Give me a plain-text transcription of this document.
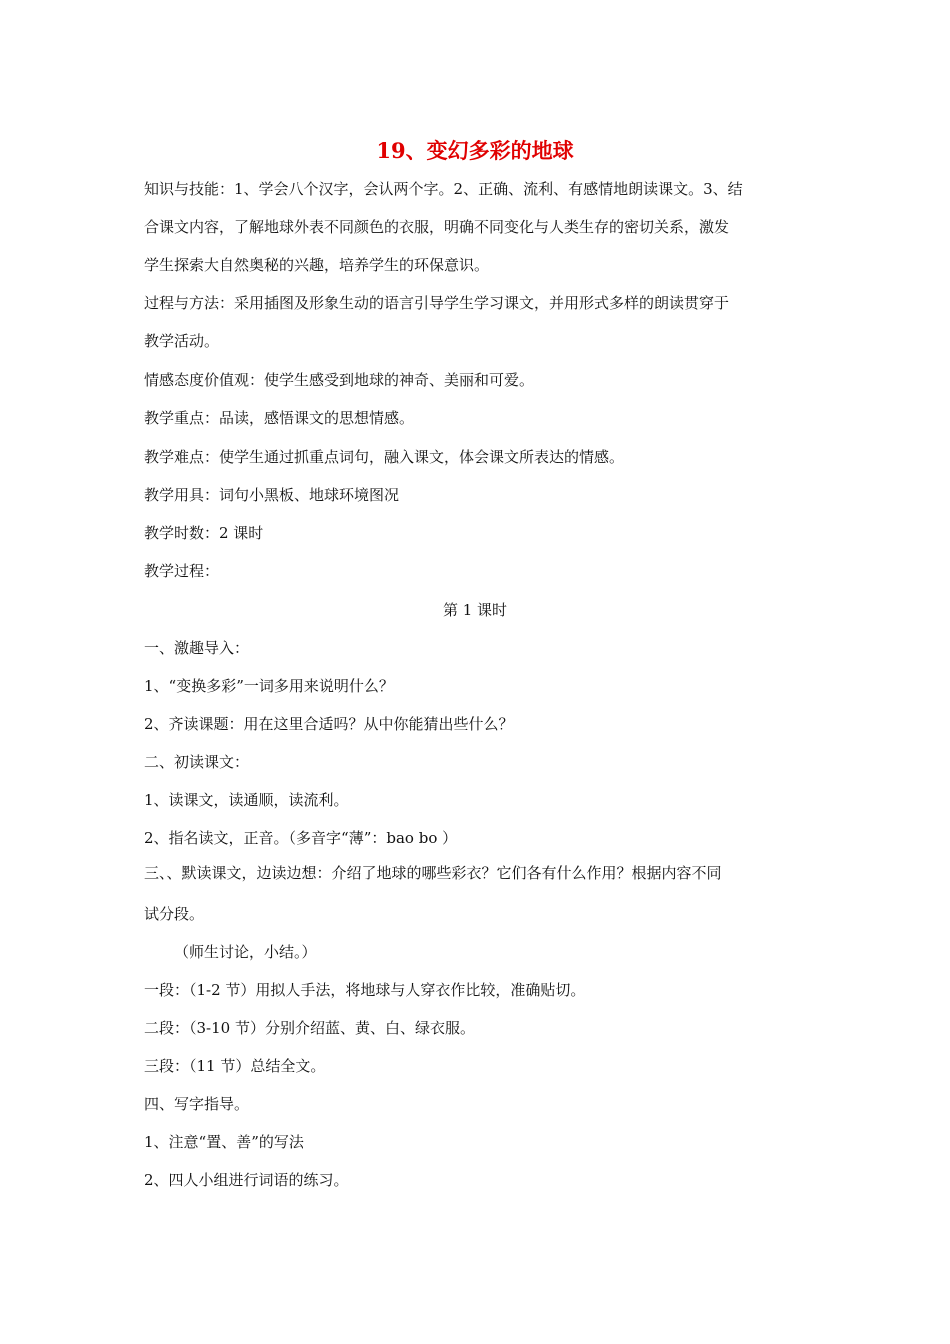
19、变幻多彩的地球
知识与技能：1、学会八个汉字，会认两个字。2、正确、流利、有感情地朗读课文。3、结
合课文内容，了解地球外表不同颜色的衣服，明确不同变化与人类生存的密切关系，激发
学生探索大自然奥秘的兴趣，培养学生的环保意识。
过程与方法：采用插图及形象生动的语言引导学生学习课文，并用形式多样的朗读贯穿于
教学活动。
情感态度价值观：使学生感受到地球的神奇、美丽和可爱。
教学重点：品读，感悟课文的思想情感。
教学难点：使学生通过抓重点词句，融入课文，体会课文所表达的情感。
教学用具：词句小黑板、地球环境图况
教学时数：2 课时
教学过程：
第 1 课时
一、激趣导入：
1、“变换多彩”一词多用来说明什么？
2、齐读课题：用在这里合适吗？从中你能猜出些什么？
二、初读课文：
1、读课文，读通顺，读流利。
2、指名读文，正音。（多音字“薄”：bao bo ）
三、、默读课文，边读边想：介绍了地球的哪些彩衣？它们各有什么作用？根据内容不同
试分段。
（师生讨论，小结。）
一段：（1-2 节）用拟人手法，将地球与人穿衣作比较，准确贴切。
二段：（3-10 节）分别介绍蓝、黄、白、绿衣服。
三段：（11 节）总结全文。
四、写字指导。
1、注意“置、善”的写法
2、四人小组进行词语的练习。
